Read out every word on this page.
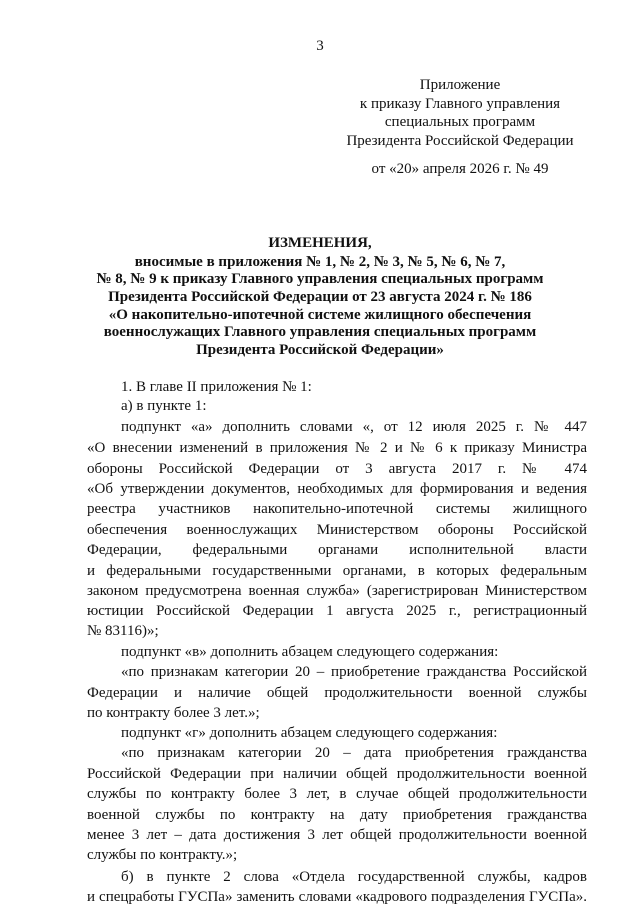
3
Приложение
к приказу Главного управления
специальных программ
Президента Российской Федерации
от «20» апреля 2026 г. № 49
ИЗМЕНЕНИЯ,
вносимые в приложения № 1, № 2, № 3, № 5, № 6, № 7,
№ 8, № 9 к приказу Главного управления специальных программ
Президента Российской Федерации от 23 августа 2024 г. № 186
«О накопительно-ипотечной системе жилищного обеспечения
военнослужащих Главного управления специальных программ
Президента Российской Федерации»
1. В главе II приложения № 1:
а) в пункте 1:
подпункт «а» дополнить словами «, от 12 июля 2025 г. № 447
«О внесении изменений в приложения № 2 и № 6 к приказу Министра
обороны Российской Федерации от 3 августа 2017 г. № 474
«Об утверждении документов, необходимых для формирования и ведения
реестра участников накопительно-ипотечной системы жилищного
обеспечения военнослужащих Министерством обороны Российской
Федерации, федеральными органами исполнительной власти
и федеральными государственными органами, в которых федеральным
законом предусмотрена военная служба» (зарегистрирован Министерством
юстиции Российской Федерации 1 августа 2025 г., регистрационный
№ 83116)»;
подпункт «в» дополнить абзацем следующего содержания:
«по признакам категории 20 – приобретение гражданства Российской
Федерации и наличие общей продолжительности военной службы
по контракту более 3 лет.»;
подпункт «г» дополнить абзацем следующего содержания:
«по признакам категории 20 – дата приобретения гражданства
Российской Федерации при наличии общей продолжительности военной
службы по контракту более 3 лет, в случае общей продолжительности
военной службы по контракту на дату приобретения гражданства
менее 3 лет – дата достижения 3 лет общей продолжительности военной
службы по контракту.»;
б) в пункте 2 слова «Отдела государственной службы, кадров
и спецработы ГУСПа» заменить словами «кадрового подразделения ГУСПа».
